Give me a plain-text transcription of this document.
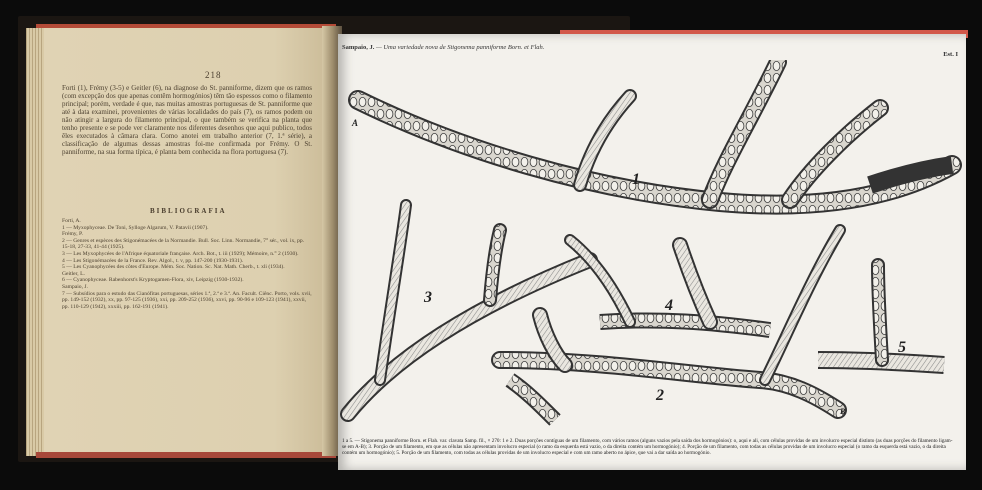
218
Forti (1), Frémy (3-5) e Geitler (6), na diagnose do St. panniforme, dizem que os ramos (com excepção dos que apenas contêm hormogónios) têm tão espessos como o filamento principal; porém, verdade é que, nas muitas amostras portuguesas de St. panniforme que até à data examinei, provenientes de várias localidades do país (7), os ramos podem ou não atingir a largura do filamento principal, o que também se verifica na planta que tenho presente e se pode ver claramente nos diferentes desenhos que aqui publico, todos êles executados à câmara clara. Como anotei em trabalho anterior (7, 1.ª série), a classificação de algumas dessas amostras foi-me confirmada por Frémy. O St. panniforme, na sua forma típica, é planta bem conhecida na flora portuguesa (7).
BIBLIOGRAFIA
Forti, A.
1 — Myxophyceae. De Toni, Sylloge Algarum, V. Patavii (1907).
Frémy, P.
2 — Genres et espèces des Stigonémacées de la Normandie. Bull. Soc. Linn. Normandie, 7° sér., vol. ix, pp. 15-18, 27-33, 41-44 (1925).
3 — Les Myxophycées de l'Afrique équatoriale française. Arch. Bot., t. iii (1929); Mémoire, n.° 2 (1930).
4 — Les Stigonémacées de la France. Rev. Algol., t. v, pp. 147-200 (1930-1931).
5 — Les Cyanophycées des côtes d'Europe. Mém. Soc. Nation. Sc. Nat. Math. Cherb., t. xli (1934).
Geitler, L.
6 — Cyanophyceae. Rabenhorst's Kryptogamen-Flora, xiv, Leipzig (1930-1932).
Sampaio, J.
7 — Subsídios para o estudo das Cianófitas portuguesas, séries 1.ª, 2.ª e 3.ª. An. Facult. Ciênc. Porto, vols. xvii, pp. 149-152 (1932), xx, pp. 97-125 (1936), xxi, pp. 209-252 (1936), xxvi, pp. 90-96 e 109-123 (1941), xxvii, pp. 110-129 (1942), xxxiii, pp. 162-191 (1941).
Sampaio, J. — Uma variedade nova de Stigonema panniforme Born. et Flah.
Est. I
1
2
3	4
5
A
B
1 a 5. — Stigonema panniforme Born. et Flah. var. clavata Samp. fil., × 270: 1 e 2. Duas porções contíguas de um filamento, com vários ramos (alguns vazios pela saída dos hormogónios): o, aqui e ali, com células providas de um involucro especial distinto (as duas porções do filamento ligam-se em A-B); 3. Porção de um filamento, em que as células não apresentam involucro especial (o ramo da esquerda está vazio, o da direita contém um hormogónio); 4. Porção de um filamento, com todas as células providas de um involucro especial (o ramo da esquerda está vazio, o da direita contém um hormogónio); 5. Porção de um filamento, com todas as células providas de um involucro especial e com um ramo aberto no ápice, que vai a dar saída ao hormogónio.
